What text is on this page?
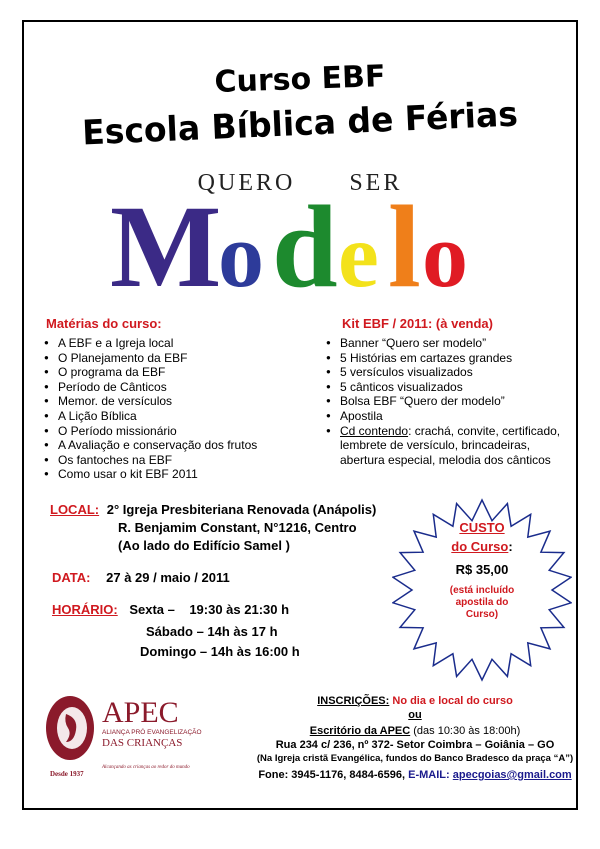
Curso EBF
Escola Bíblica de Férias
QUERO SER
M
o d e l o
Matérias do curso:
● A EBF e a Igreja local
● O Planejamento da EBF
● O programa da EBF
● Período de Cânticos
● Memor. de versículos
● A Lição Bíblica
● O Período missionário
● A Avaliação e conservação dos frutos
● Os fantoches na EBF
● Como usar o kit EBF 2011
Kit EBF / 2011: (à venda)
● Banner “Quero ser modelo”
● 5 Histórias em cartazes grandes
● 5 versículos visualizados
● 5 cânticos visualizados
● Bolsa EBF “Quero der modelo”
● Apostila
● Cd contendo: crachá, convite, certificado, lembrete de versículo, brincadeiras, abertura especial, melodia dos cânticos
LOCAL: 2° Igreja Presbiteriana Renovada (Anápolis)
R. Benjamim Constant, N°1216, Centro
(Ao lado do Edifício Samel )
DATA: 27 à 29 / maio / 2011
HORÁRIO: Sexta –    19:30 às 21:30 h
Sábado – 14h às 17 h
Domingo – 14h às 16:00 h
CUSTO
do Curso:
R$ 35,00
(está incluído apostila do Curso)
APEC
ALIANÇA PRÓ EVANGELIZAÇÃO
DAS CRIANÇAS
Desde 1937
Alcançando as crianças ao redor do mundo
INSCRIÇÕES: No dia e local do curso
ou
Escritório da APEC (das 10:30 às 18:00h)
Rua 234 c/ 236, nº 372- Setor Coimbra – Goiânia – GO
(Na Igreja cristã Evangélica, fundos do Banco Bradesco da praça “A”)
Fone: 3945-1176, 8484-6596, E-MAIL: apecgoias@gmail.com
